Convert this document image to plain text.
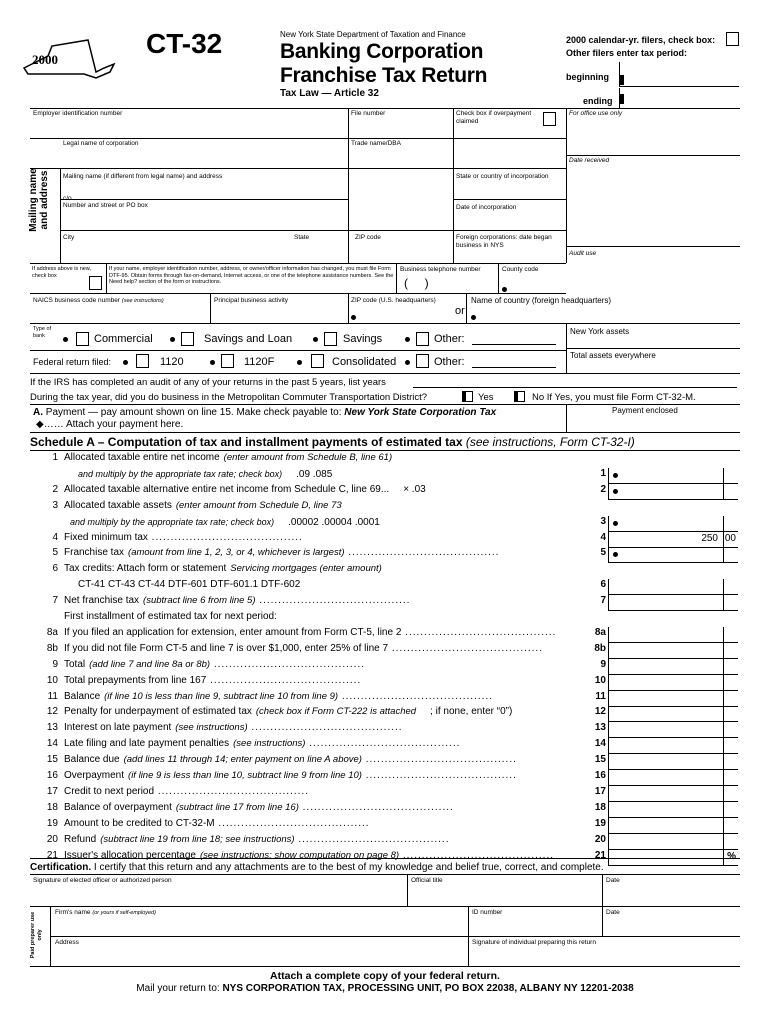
2000
CT-32	New York State Department of Taxation and Finance
Banking Corporation
Franchise Tax Return
Tax Law — Article 32
2000 calendar-yr. filers, check box:
Other filers enter tax period:
beginning
ending
Employer identification number	File number	Check box if overpayment claimed
For office use only
Legal name of corporation	Trade name/DBA
Date received
Mailing name and address Mailing name (if different from legal name) and address	State or country of incorporation
c/o
Number and street or PO box	Date of incorporation
City	State	ZIP code	Foreign corporations: date began business in NYS
Audit use
If address above is new, check box
If your name, employer identification number, address, or owner/officer information has changed, you must file Form DTF-95. Obtain forms through fax-on-demand, Internet access, or one of the telephone assistance numbers. See the Need help? section of the form or instructions.
Business telephone number
(     )
County code
NAICS business code number (see instructions)	Principal business activity	ZIP code (U.S. headquarters)
or
Name of country (foreign headquarters)
Type of bank	Commercial	Savings and Loan	Savings	Other:
New York assets
Federal return filed:	1120	1120F	Consolidated	Other:
Total assets everywhere
If the IRS has completed an audit of any of your returns in the past 5 years, list years
During the tax year, did you do business in the Metropolitan Commuter Transportation District?	Yes	No If Yes, you must file Form CT-32-M.
A. Payment — pay amount shown on line 15. Make check payable to: New York State Corporation Tax
◆…… Attach your payment here.
Payment enclosed
Schedule A – Computation of tax and installment payments of estimated tax (see instructions, Form CT-32-I)
1 Allocated taxable entire net income (enter amount from Schedule B, line 61)
and multiply by the appropriate tax rate; check box) .09 .085	1
2 Allocated taxable alternative entire net income from Schedule C, line 69... × .03	2
3 Allocated taxable assets (enter amount from Schedule D, line 73
and multiply by the appropriate tax rate; check box) .00002 .00004 .0001	3
4 Fixed minimum tax ........................................	4	250 00
5 Franchise tax (amount from line 1, 2, 3, or 4, whichever is largest) ........................................	5
6 Tax credits: Attach form or statement Servicing mortgages (enter amount)
CT-41 CT-43 CT-44 DTF-601 DTF-601.1 DTF-602	6
7 Net franchise tax (subtract line 6 from line 5) ........................................	7
First installment of estimated tax for next period:
8a If you filed an application for extension, enter amount from Form CT-5, line 2 ........................................	8a
8b If you did not file Form CT-5 and line 7 is over $1,000, enter 25% of line 7 ........................................	8b
9 Total (add line 7 and line 8a or 8b) ........................................	9
10 Total prepayments from line 167 ........................................	10
11 Balance (if line 10 is less than line 9, subtract line 10 from line 9) ........................................	11
12 Penalty for underpayment of estimated tax (check box if Form CT-222 is attached ; if none, enter “0”)	12
13 Interest on late payment (see instructions) ........................................	13
14 Late filing and late payment penalties (see instructions) ........................................	14
15 Balance due (add lines 11 through 14; enter payment on line A above) ........................................	15
16 Overpayment (if line 9 is less than line 10, subtract line 9 from line 10) ........................................	16
17 Credit to next period ........................................	17
18 Balance of overpayment (subtract line 17 from line 16) ........................................	18
19 Amount to be credited to CT-32-M ........................................	19
20 Refund (subtract line 19 from line 18; see instructions) ........................................	20
21 Issuer's allocation percentage (see instructions; show computation on page 8) ........................................	21	%
Certification. I certify that this return and any attachments are to the best of my knowledge and belief true, correct, and complete.
Signature of elected officer or authorized person	Official title	Date
Paid preparer use only
Firm's name (or yours if self-employed)	ID number	Date
Address	Signature of individual preparing this return
Attach a complete copy of your federal return.
Mail your return to: NYS CORPORATION TAX, PROCESSING UNIT, PO BOX 22038, ALBANY NY 12201-2038
